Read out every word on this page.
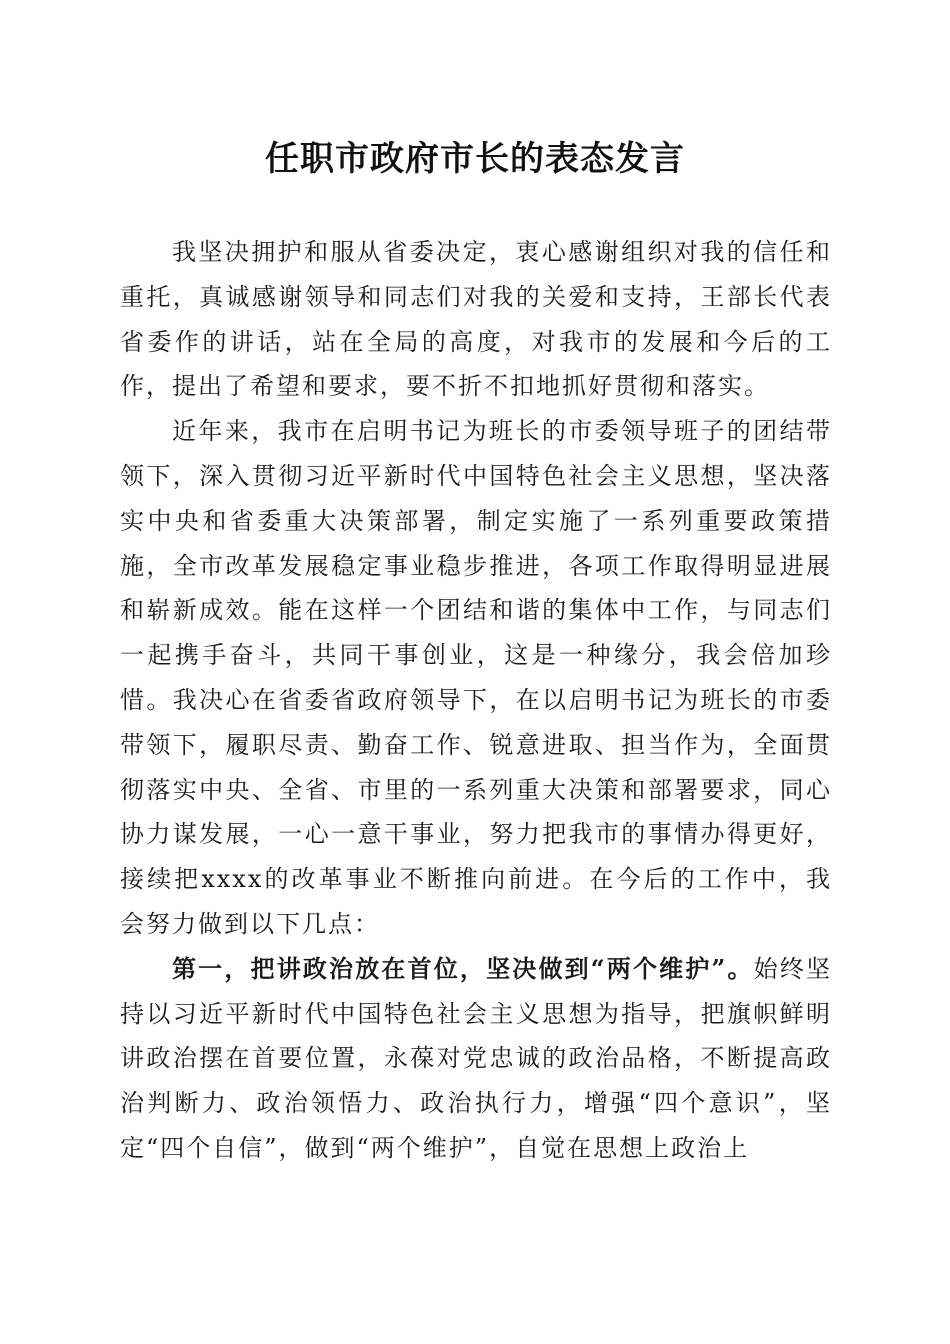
任职市政府市长的表态发言

我坚决拥护和服从省委决定，衷心感谢组织对我的信任和重托，真诚感谢领导和同志们对我的关爱和支持，王部长代表省委作的讲话，站在全局的高度，对我市的发展和今后的工作，提出了希望和要求，要不折不扣地抓好贯彻和落实。

近年来，我市在启明书记为班长的市委领导班子的团结带领下，深入贯彻习近平新时代中国特色社会主义思想，坚决落实中央和省委重大决策部署，制定实施了一系列重要政策措施，全市改革发展稳定事业稳步推进，各项工作取得明显进展和崭新成效。能在这样一个团结和谐的集体中工作，与同志们一起携手奋斗，共同干事创业，这是一种缘分，我会倍加珍惜。我决心在省委省政府领导下，在以启明书记为班长的市委带领下，履职尽责、勤奋工作、锐意进取、担当作为，全面贯彻落实中央、全省、市里的一系列重大决策和部署要求，同心协力谋发展，一心一意干事业，努力把我市的事情办得更好，接续把xxxx的改革事业不断推向前进。在今后的工作中，我会努力做到以下几点：

第一，把讲政治放在首位，坚决做到“两个维护”。始终坚持以习近平新时代中国特色社会主义思想为指导，把旗帜鲜明讲政治摆在首要位置，永葆对党忠诚的政治品格，不断提高政治判断力、政治领悟力、政治执行力，增强“四个意识”，坚定“四个自信”，做到“两个维护”，自觉在思想上政治上
